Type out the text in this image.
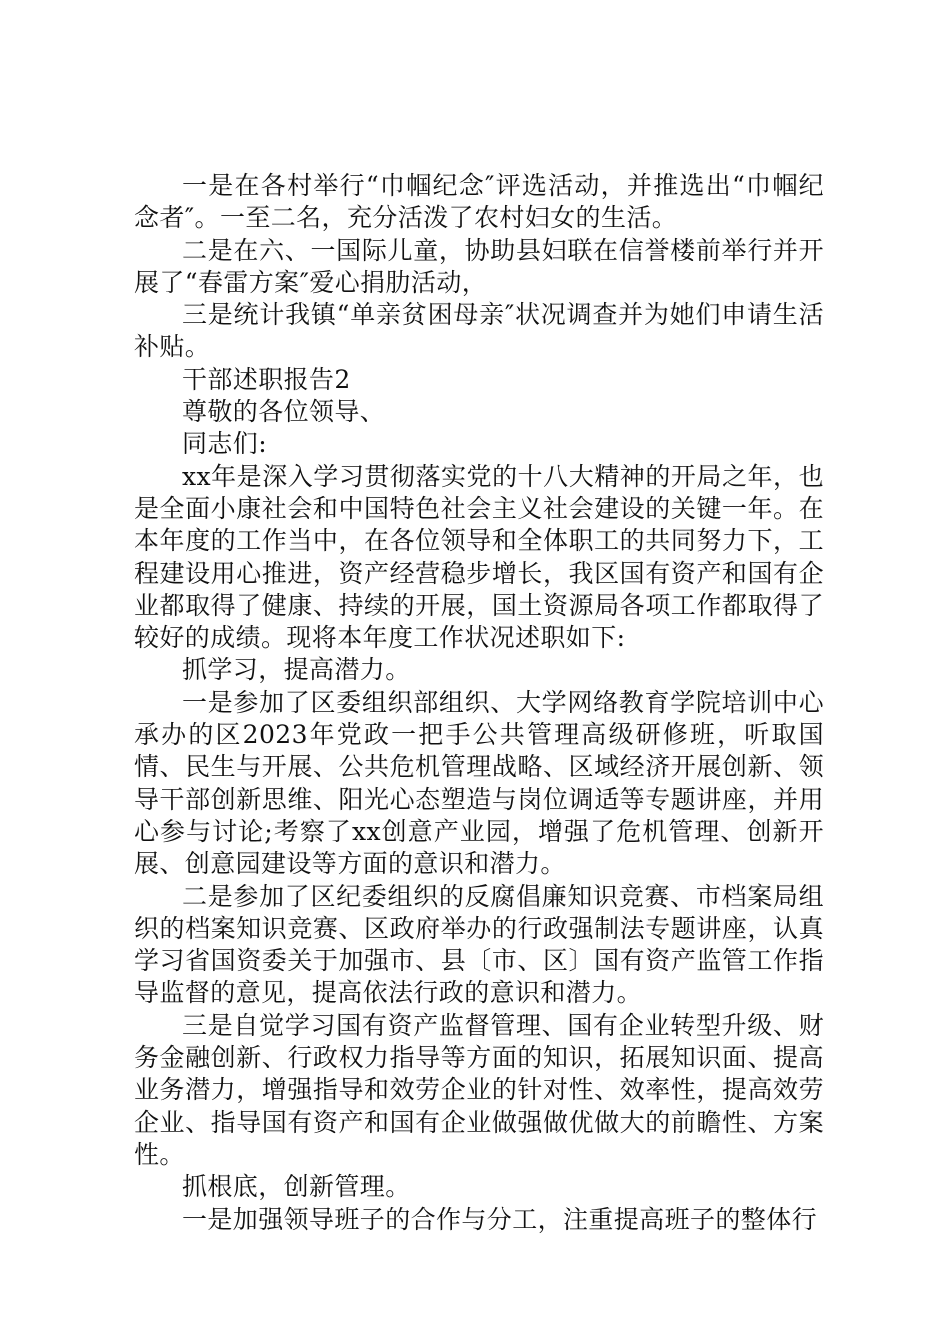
一是在各村举行“巾帼纪念″评选活动，并推选出“巾帼纪念者″。一至二名，充分活泼了农村妇女的生活。

二是在六、一国际儿童，协助县妇联在信誉楼前举行并开展了“春雷方案″爱心捐肋活动，

三是统计我镇“单亲贫困母亲″状况调查并为她们申请生活补贴。

干部述职报告2

尊敬的各位领导、

同志们:

xx年是深入学习贯彻落实党的十八大精神的开局之年，也是全面小康社会和中国特色社会主义社会建设的关键一年。在本年度的工作当中，在各位领导和全体职工的共同努力下，工程建设用心推进，资产经营稳步增长，我区国有资产和国有企业都取得了健康、持续的开展，国土资源局各项工作都取得了较好的成绩。现将本年度工作状况述职如下:

抓学习，提高潜力。

一是参加了区委组织部组织、大学网络教育学院培训中心承办的区2023年党政一把手公共管理高级研修班，听取国情、民生与开展、公共危机管理战略、区域经济开展创新、领导干部创新思维、阳光心态塑造与岗位调适等专题讲座，并用心参与讨论;考察了xx创意产业园，增强了危机管理、创新开展、创意园建设等方面的意识和潜力。

二是参加了区纪委组织的反腐倡廉知识竞赛、市档案局组织的档案知识竞赛、区政府举办的行政强制法专题讲座，认真学习省国资委关于加强市、县〔市、区〕国有资产监管工作指导监督的意见，提高依法行政的意识和潜力。

三是自觉学习国有资产监督管理、国有企业转型升级、财务金融创新、行政权力指导等方面的知识，拓展知识面、提高业务潜力，增强指导和效劳企业的针对性、效率性，提高效劳企业、指导国有资产和国有企业做强做优做大的前瞻性、方案性。

抓根底，创新管理。

一是加强领导班子的合作与分工，注重提高班子的整体行
